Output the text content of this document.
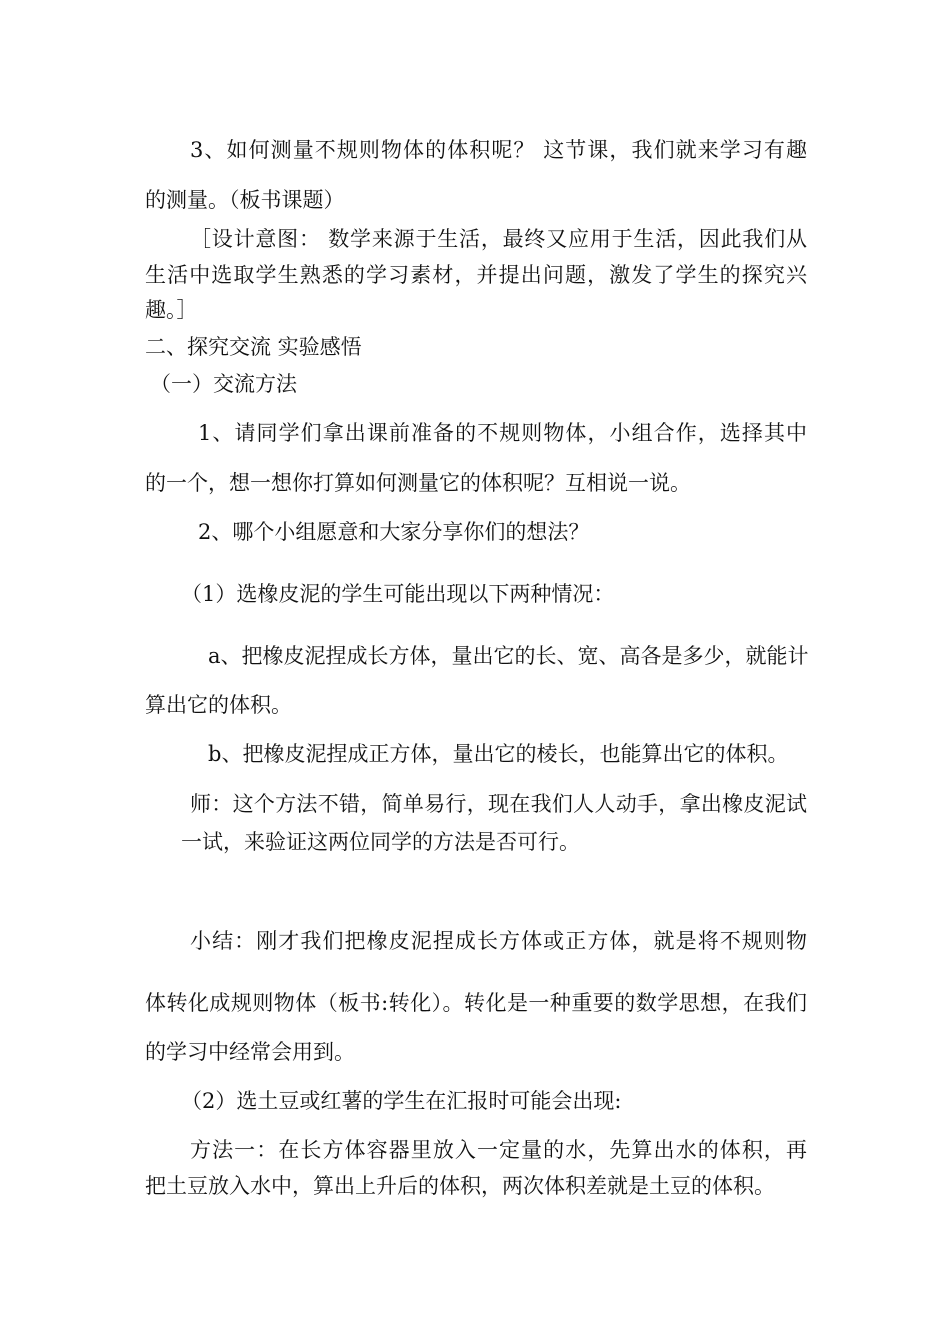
3、如何测量不规则物体的体积呢？ 这节课，我们就来学习有趣

的测量。（板书课题）

［设计意图： 数学来源于生活，最终又应用于生活，因此我们从

生活中选取学生熟悉的学习素材，并提出问题，激发了学生的探究兴

趣。］

二、探究交流 实验感悟

（一）交流方法

1、请同学们拿出课前准备的不规则物体，小组合作，选择其中

的一个，想一想你打算如何测量它的体积呢？互相说一说。

2、哪个小组愿意和大家分享你们的想法？

（1）选橡皮泥的学生可能出现以下两种情况：

a、把橡皮泥捏成长方体，量出它的长、宽、高各是多少，就能计

算出它的体积。

b、把橡皮泥捏成正方体，量出它的棱长，也能算出它的体积。

师：这个方法不错，简单易行，现在我们人人动手，拿出橡皮泥试

一试，来验证这两位同学的方法是否可行。

小结：刚才我们把橡皮泥捏成长方体或正方体，就是将不规则物

体转化成规则物体（板书:转化）。转化是一种重要的数学思想，在我们

的学习中经常会用到。

（2）选土豆或红薯的学生在汇报时可能会出现:

方法一：在长方体容器里放入一定量的水，先算出水的体积，再

把土豆放入水中，算出上升后的体积，两次体积差就是土豆的体积。
